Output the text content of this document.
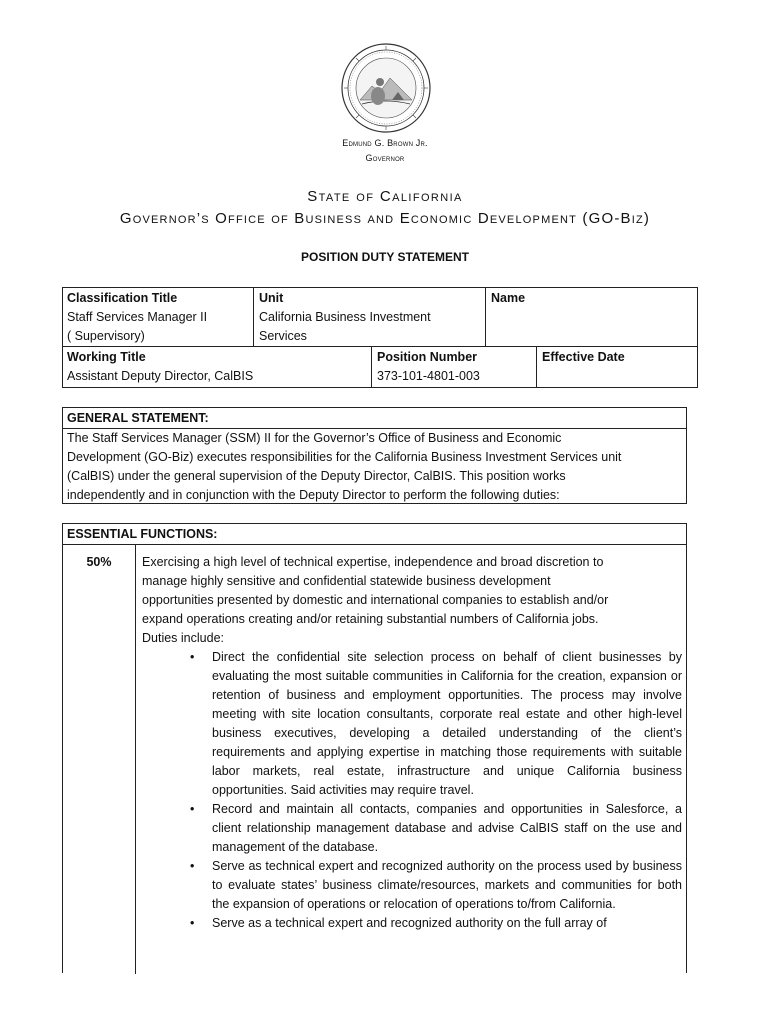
Edmund G. Brown Jr.
Governor
State of California
Governor’s Office of Business and Economic Development (GO-Biz)
POSITION DUTY STATEMENT
Classification Title
Staff Services Manager II
( Supervisory)
Unit
California Business Investment
Services
Name
Working Title
Assistant Deputy Director, CalBIS
Position Number
373-101-4801-003
Effective Date
GENERAL STATEMENT:
The Staff Services Manager (SSM) II for the Governor’s Office of Business and Economic
Development (GO-Biz) executes responsibilities for the California Business Investment Services unit
(CalBIS) under the general supervision of the Deputy Director, CalBIS. This position works
independently and in conjunction with the Deputy Director to perform the following duties:
ESSENTIAL FUNCTIONS:
50%	Exercising a high level of technical expertise, independence and broad discretion to
manage highly sensitive and confidential statewide business development
opportunities presented by domestic and international companies to establish and/or
expand operations creating and/or retaining substantial numbers of California jobs.
Duties include:
• Direct the confidential site selection process on behalf of client businesses by evaluating the most suitable communities in California for the creation, expansion or retention of business and employment opportunities. The process may involve meeting with site location consultants, corporate real estate and other high-level business executives, developing a detailed understanding of the client’s requirements and applying expertise in matching those requirements with suitable labor markets, real estate, infrastructure and unique California business opportunities. Said activities may require travel.
• Record and maintain all contacts, companies and opportunities in Salesforce, a client relationship management database and advise CalBIS staff on the use and management of the database.
• Serve as technical expert and recognized authority on the process used by business to evaluate states’ business climate/resources, markets and communities for both the expansion of operations or relocation of operations to/from California.
• Serve as a technical expert and recognized authority on the full array of
